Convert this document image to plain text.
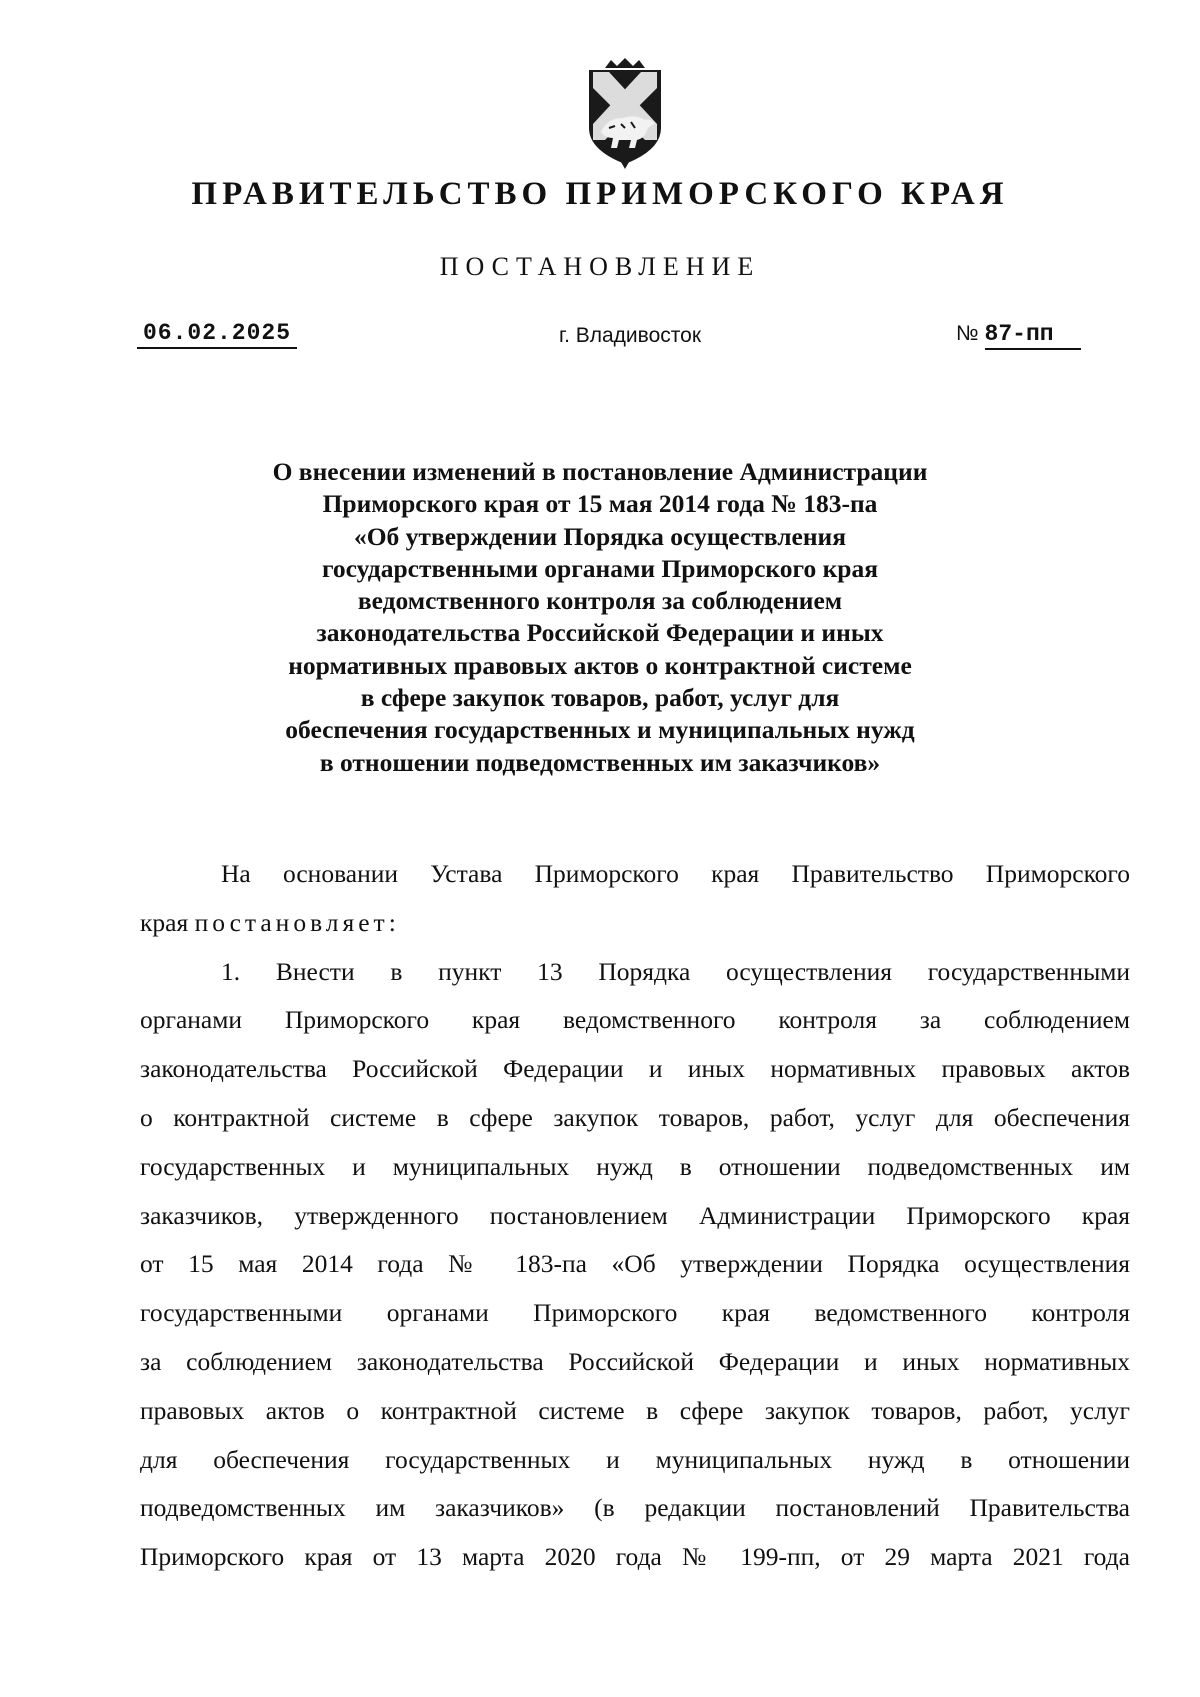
ПРАВИТЕЛЬСТВО ПРИМОРСКОГО КРАЯ
ПОСТАНОВЛЕНИЕ
06.02.2025	г. Владивосток	№ 87-пп
О внесении изменений в постановление Администрации
Приморского края от 15 мая 2014 года № 183-па
«Об утверждении Порядка осуществления
государственными органами Приморского края
ведомственного контроля за соблюдением
законодательства Российской Федерации и иных
нормативных правовых актов о контрактной системе
в сфере закупок товаров, работ, услуг для
обеспечения государственных и муниципальных нужд
в отношении подведомственных им заказчиков»
На основании Устава Приморского края Правительство Приморского
края постановляет:
1. Внести в пункт 13 Порядка осуществления государственными
органами Приморского края ведомственного контроля за соблюдением
законодательства Российской Федерации и иных нормативных правовых актов
о контрактной системе в сфере закупок товаров, работ, услуг для обеспечения
государственных и муниципальных нужд в отношении подведомственных им
заказчиков, утвержденного постановлением Администрации Приморского края
от 15 мая 2014 года № 183-па «Об утверждении Порядка осуществления
государственными органами Приморского края ведомственного контроля
за соблюдением законодательства Российской Федерации и иных нормативных
правовых актов о контрактной системе в сфере закупок товаров, работ, услуг
для обеспечения государственных и муниципальных нужд в отношении
подведомственных им заказчиков» (в редакции постановлений Правительства
Приморского края от 13 марта 2020 года № 199-пп, от 29 марта 2021 года
